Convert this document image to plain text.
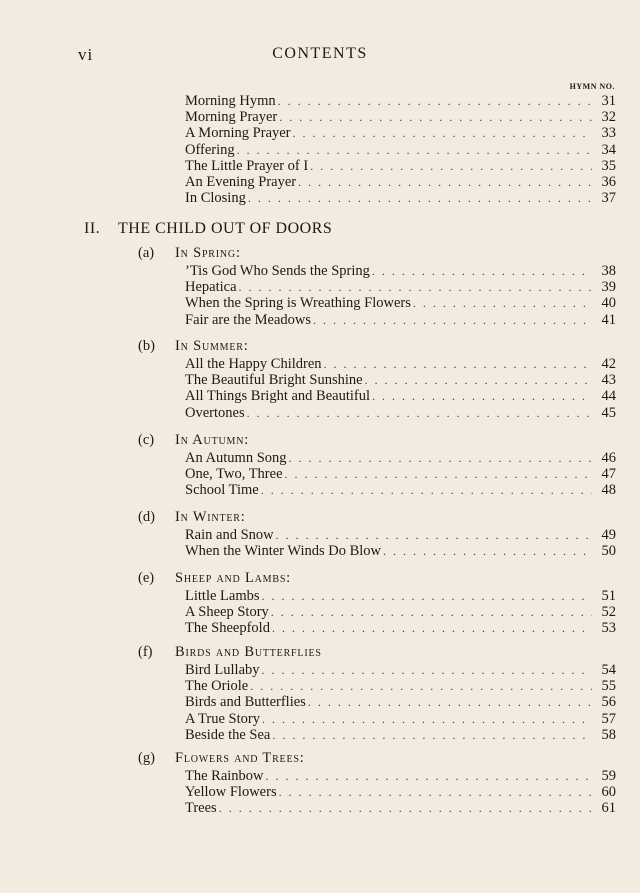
vi	CONTENTS
HYMN NO.
Morning Hymn . . .	31
Morning Prayer . . .	32
A Morning Prayer . . .	33
Offering . . .	34
The Little Prayer of I . . .	35
An Evening Prayer . . .	36
In Closing . . .	37
II. THE CHILD OUT OF DOORS
(a) In Spring:
’Tis God Who Sends the Spring . . .	38
Hepatica . . .	39
When the Spring is Wreathing Flowers . . .	40
Fair are the Meadows . . .	41
(b) In Summer:
All the Happy Children . . .	42
The Beautiful Bright Sunshine . . .	43
All Things Bright and Beautiful . . .	44
Overtones . . .	45
(c) In Autumn:
An Autumn Song . . .	46
One, Two, Three . . .	47
School Time . . .	48
(d) In Winter:
Rain and Snow . . .	49
When the Winter Winds Do Blow . . .	50
(e) Sheep and Lambs:
Little Lambs . . .	51
A Sheep Story . . .	52
The Sheepfold . . .	53
(f) Birds and Butterflies
Bird Lullaby . . .	54
The Oriole . . .	55
Birds and Butterflies . . .	56
A True Story . . .	57
Beside the Sea . . .	58
(g) Flowers and Trees:
The Rainbow . . .	59
Yellow Flowers . . .	60
Trees . . .	61
